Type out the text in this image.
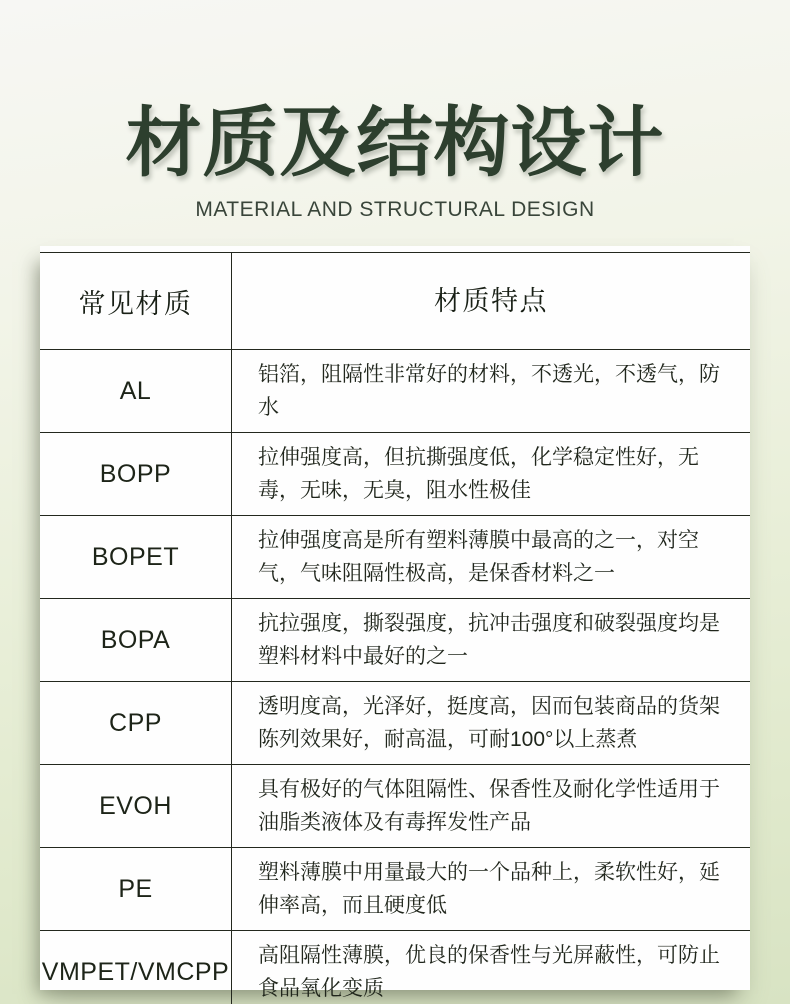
材质及结构设计
MATERIAL AND STRUCTURAL DESIGN
常见材质	材质特点
AL
铝箔，阻隔性非常好的材料，不透光，不透气，防水
BOPP
拉伸强度高，但抗撕强度低，化学稳定性好，无毒，无味，无臭，阻水性极佳
BOPET
拉伸强度高是所有塑料薄膜中最高的之一，对空气，气味阻隔性极高，是保香材料之一
BOPA
抗拉强度，撕裂强度，抗冲击强度和破裂强度均是塑料材料中最好的之一
CPP
透明度高，光泽好，挺度高，因而包装商品的货架陈列效果好，耐高温，可耐100°以上蒸煮
EVOH
具有极好的气体阻隔性、保香性及耐化学性适用于油脂类液体及有毒挥发性产品
PE
塑料薄膜中用量最大的一个品种上，柔软性好，延伸率高，而且硬度低
VMPET/VMCPP
高阻隔性薄膜，优良的保香性与光屏蔽性，可防止食品氧化变质
